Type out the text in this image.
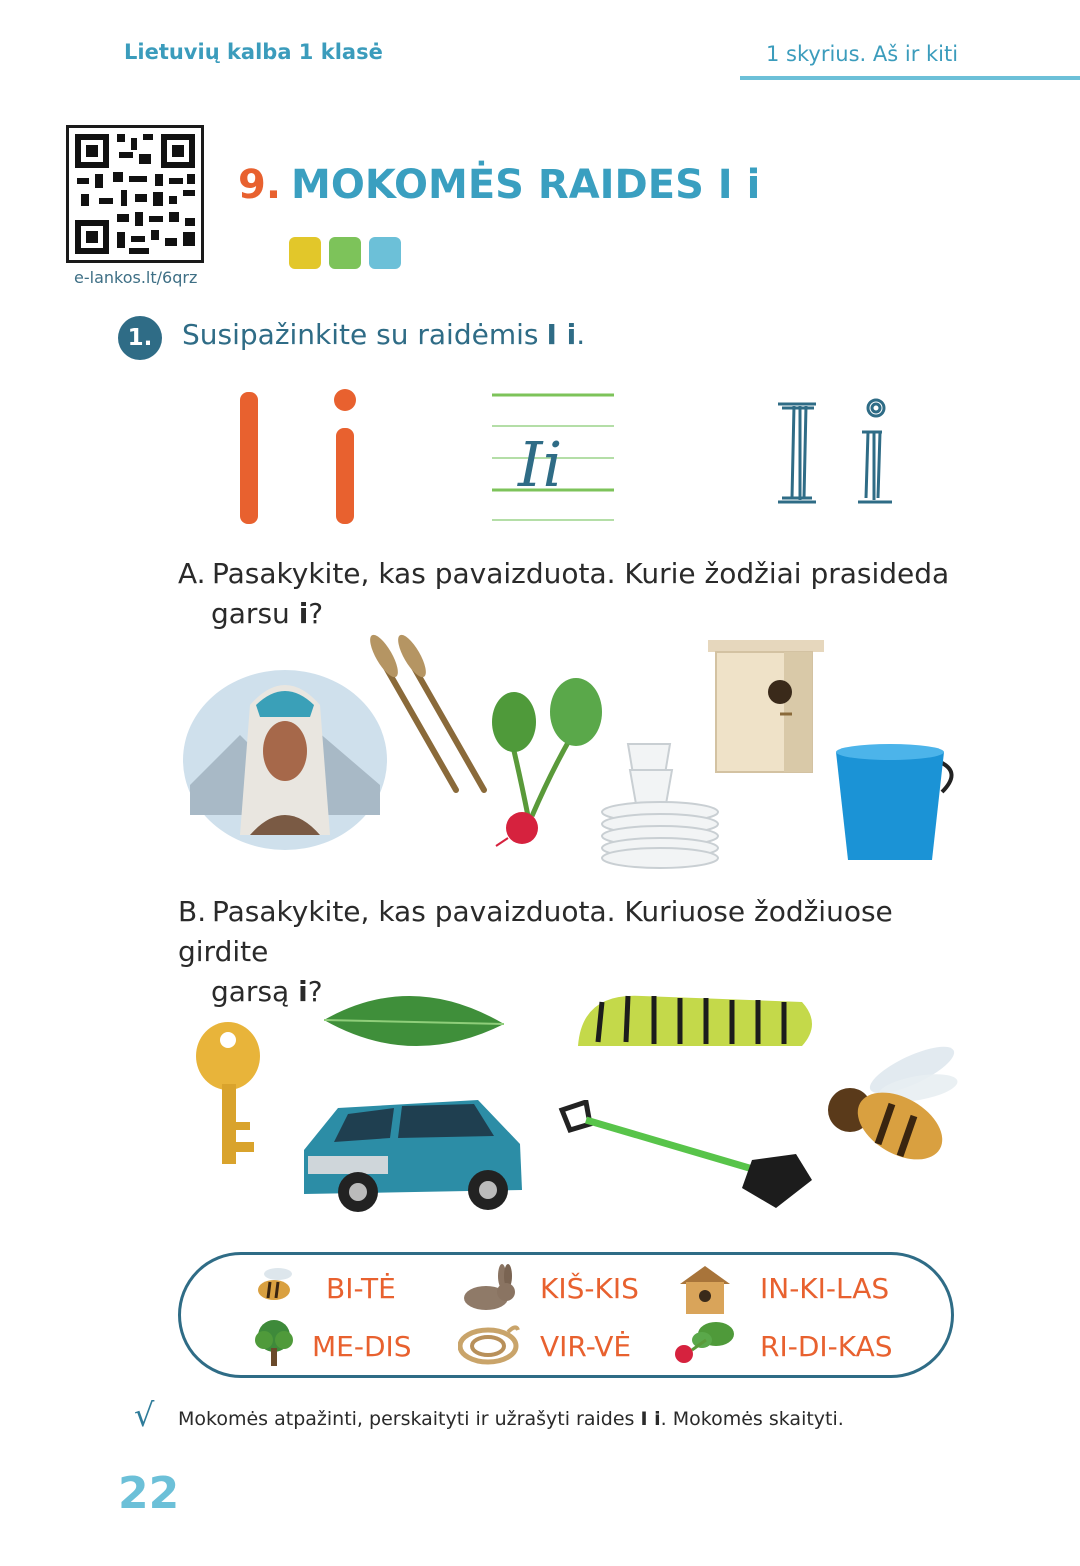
Lietuvių kalba 1 klasė	1 skyrius. Aš ir kiti
e-lankos.lt/6qrz
9. MOKOMĖS RAIDES I i
1.	Susipažinkite su raidėmis I i.
Ii
A. Pasakykite, kas pavaizduota. Kurie žodžiai prasideda
garsu i?
B. Pasakykite, kas pavaizduota. Kuriuose žodžiuose girdite
garsą i?
BI-TĖ	KIŠ-KIS	IN-KI-LAS
ME-DIS	VIR-VĖ	RI-DI-KAS
√ Mokomės atpažinti, perskaityti ir užrašyti raides I i. Mokomės skaityti.
22
